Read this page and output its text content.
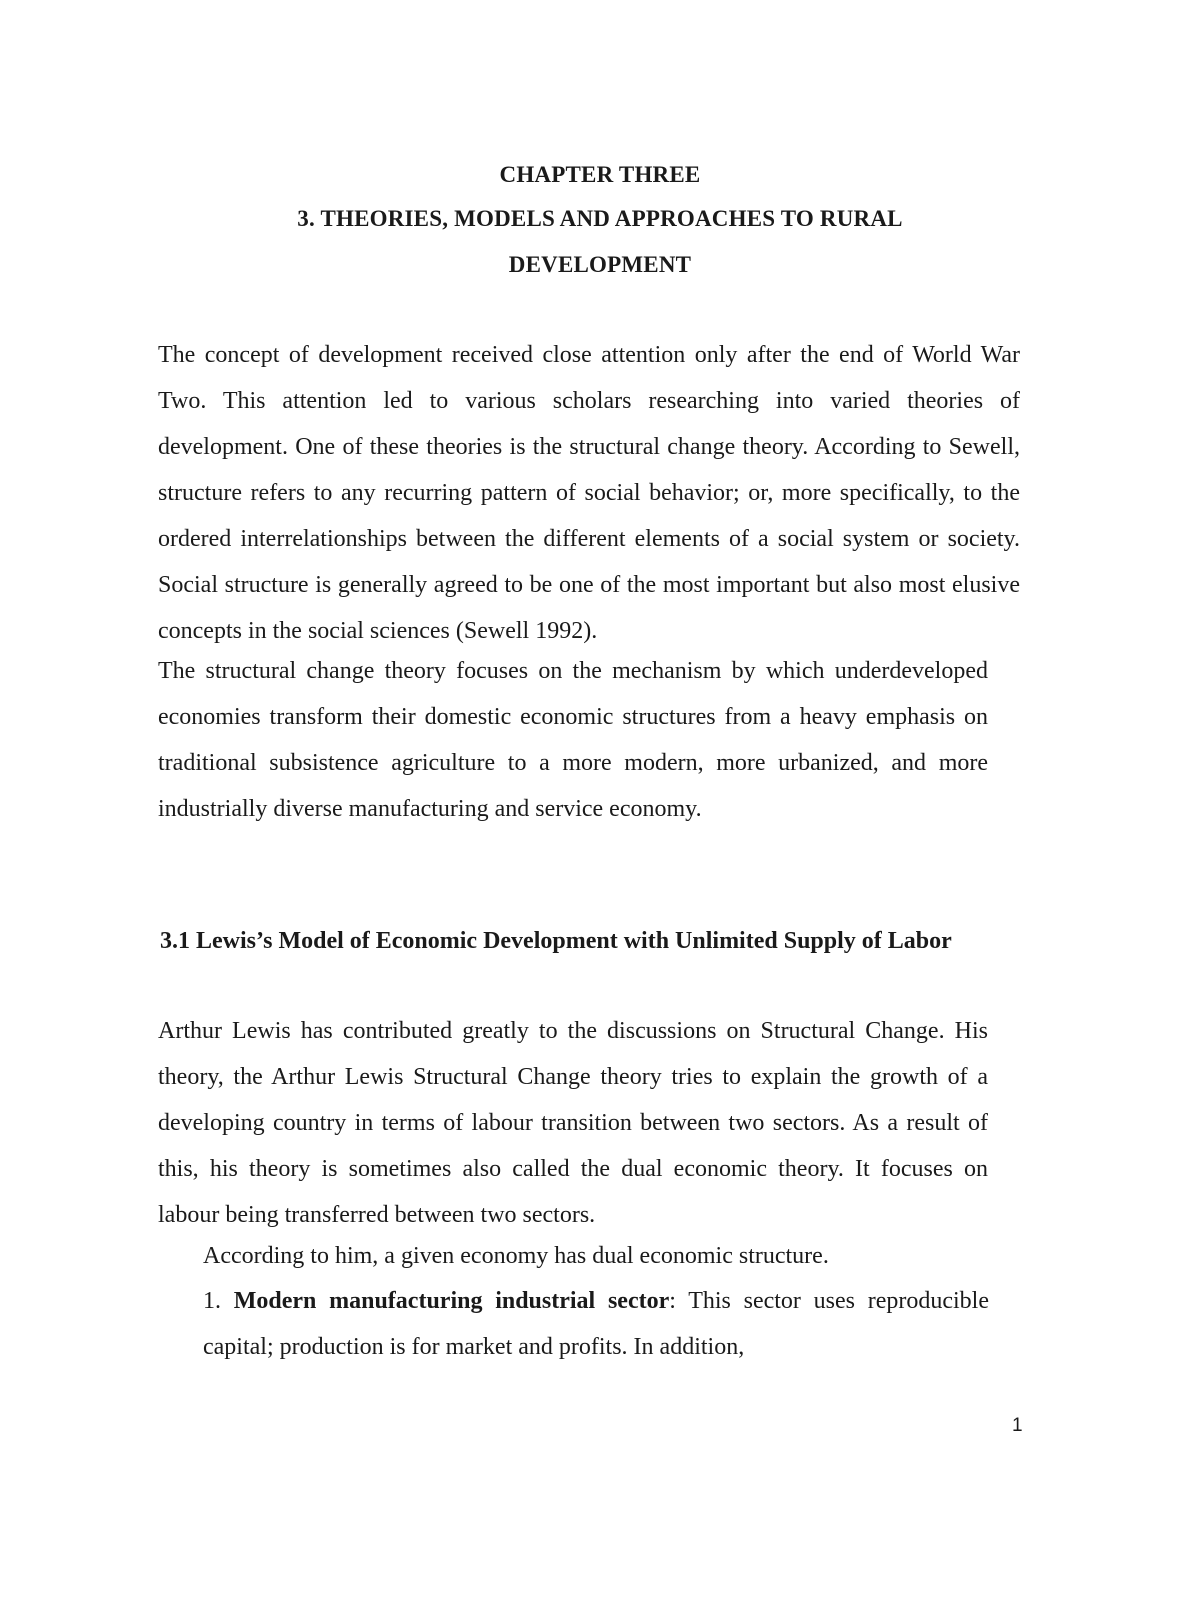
CHAPTER THREE
3. THEORIES, MODELS AND APPROACHES TO RURAL
DEVELOPMENT

The concept of development received close attention only after the end of World War Two. This attention led to various scholars researching into varied theories of development. One of these theories is the structural change theory. According to Sewell, structure refers to any recurring pattern of social behavior; or, more specifically, to the ordered interrelationships between the different elements of a social system or society. Social structure is generally agreed to be one of the most important but also most elusive concepts in the social sciences (Sewell 1992).

The structural change theory focuses on the mechanism by which underdeveloped economies transform their domestic economic structures from a heavy emphasis on traditional subsistence agriculture to a more modern, more urbanized, and more industrially diverse manufacturing and service economy.

3.1 Lewis’s Model of Economic Development with Unlimited Supply of Labor

Arthur Lewis has contributed greatly to the discussions on Structural Change. His theory, the Arthur Lewis Structural Change theory tries to explain the growth of a developing country in terms of labour transition between two sectors. As a result of this, his theory is sometimes also called the dual economic theory. It focuses on labour being transferred between two sectors.

According to him, a given economy has dual economic structure.

1. Modern manufacturing industrial sector: This sector uses reproducible capital; production is for market and profits. In addition,

1
